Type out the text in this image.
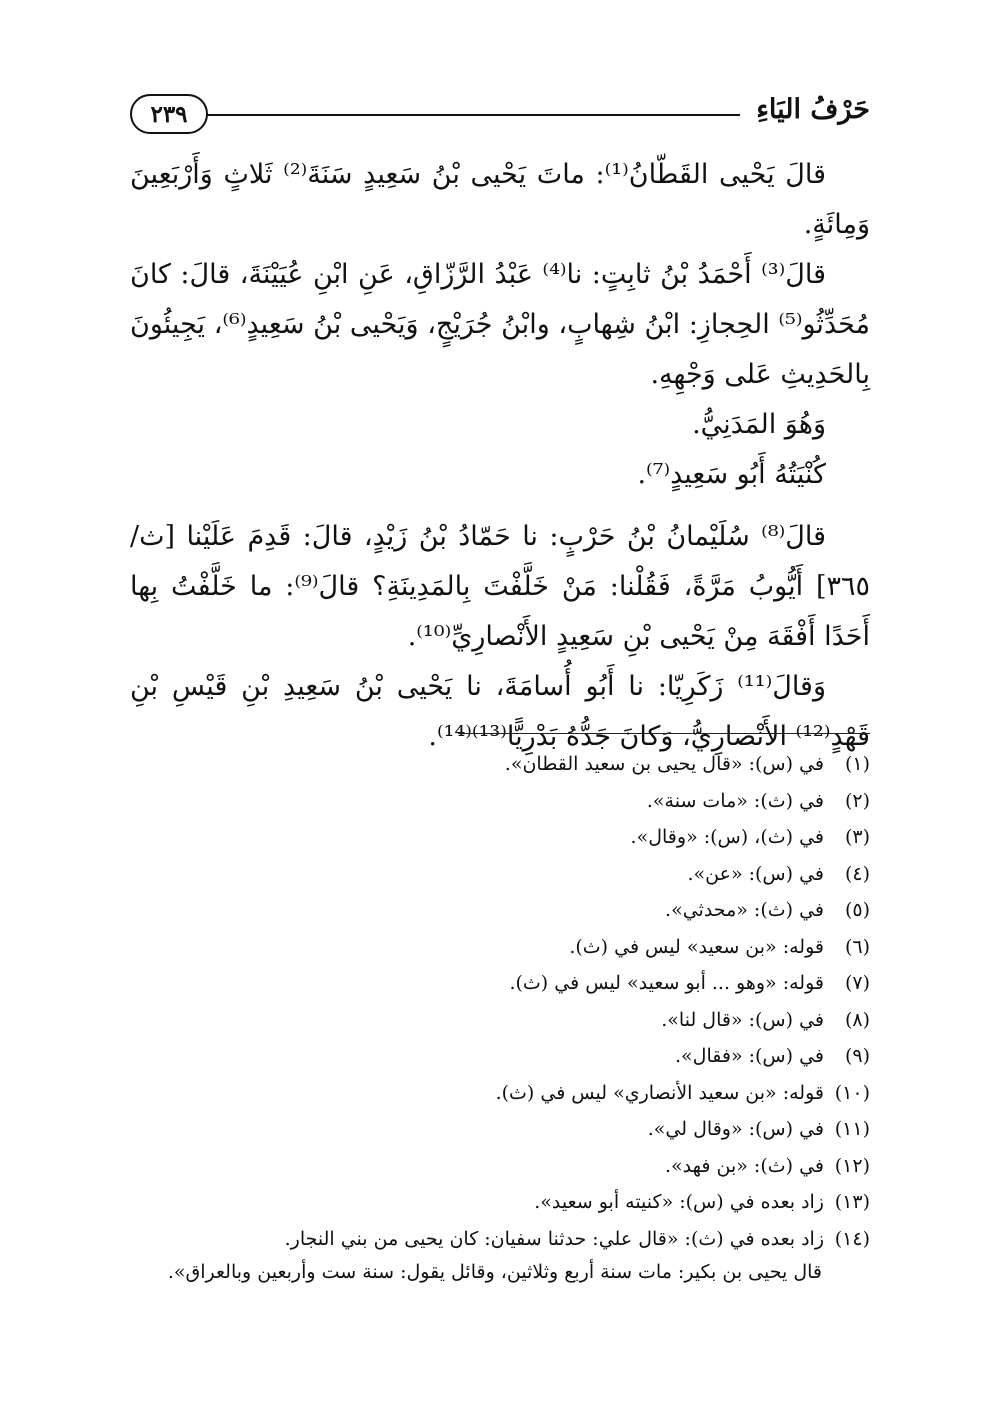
٢٣٩	حَرْفُ اليَاءِ

قالَ يَحْيى القَطّانُ⁽¹⁾: ماتَ يَحْيى بْنُ سَعِيدٍ سَنَةَ⁽²⁾ ثَلاثٍ وَأَرْبَعِينَ وَمِائَةٍ.

قالَ⁽³⁾ أَحْمَدُ بْنُ ثابِتٍ: نا⁽⁴⁾ عَبْدُ الرَّزّاقِ، عَنِ ابْنِ عُيَيْنَةَ، قالَ: كانَ مُحَدِّثُو⁽⁵⁾ الحِجازِ: ابْنُ شِهابٍ، وابْنُ جُرَيْجٍ، وَيَحْيى بْنُ سَعِيدٍ⁽⁶⁾، يَجِيئُونَ بِالحَدِيثِ عَلى وَجْهِهِ.

وَهُوَ المَدَنِيُّ.

كُنْيَتُهُ أَبُو سَعِيدٍ⁽⁷⁾.

قالَ⁽⁸⁾ سُلَيْمانُ بْنُ حَرْبٍ: نا حَمّادُ بْنُ زَيْدٍ، قالَ: قَدِمَ عَلَيْنا [ث/ ٣٦٥] أَيُّوبُ مَرَّةً، فَقُلْنا: مَنْ خَلَّفْتَ بِالمَدِينَةِ؟ قالَ⁽⁹⁾: ما خَلَّفْتُ بِها أَحَدًا أَفْقَهَ مِنْ يَحْيى بْنِ سَعِيدٍ الأَنْصارِيِّ⁽¹⁰⁾.

وَقالَ⁽¹¹⁾ زَكَرِيّا: نا أَبُو أُسامَةَ، نا يَحْيى بْنُ سَعِيدِ بْنِ قَيْسِ بْنِ قَهْدٍ⁽¹²⁾ الأَنْصارِيُّ، وَكانَ جَدُّهُ بَدْرِيًّا⁽¹³⁾⁽¹⁴⁾.

(١)
في (س): «قال يحيى بن سعيد القطان».
(٢)
في (ث): «مات سنة».
(٣)
في (ث)، (س): «وقال».
(٤)
في (س): «عن».
(٥)
في (ث): «محدثي».
(٦)
قوله: «بن سعيد» ليس في (ث).
(٧)
قوله: «وهو ... أبو سعيد» ليس في (ث).
(٨)
في (س): «قال لنا».
(٩)
في (س): «فقال».
(١٠)
قوله: «بن سعيد الأنصاري» ليس في (ث).
(١١)
في (س): «وقال لي».
(١٢)
في (ث): «بن فهد».
(١٣)
زاد بعده في (س): «كنيته أبو سعيد».
(١٤)
زاد بعده في (ث): «قال علي: حدثنا سفيان: كان يحيى من بني النجار.
قال يحيى بن بكير: مات سنة أربع وثلاثين، وقائل يقول: سنة ست وأربعين وبالعراق».
